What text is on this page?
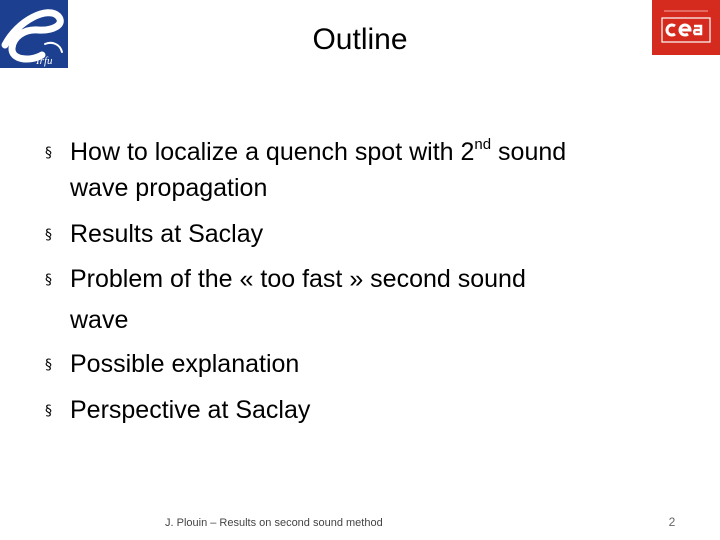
Irfu
Outline
§ How to localize a quench spot with 2nd sound
wave propagation
§ Results at Saclay
§ Problem of the « too fast » second sound
wave
§ Possible explanation
§ Perspective at Saclay
J. Plouin – Results on second sound method	2
